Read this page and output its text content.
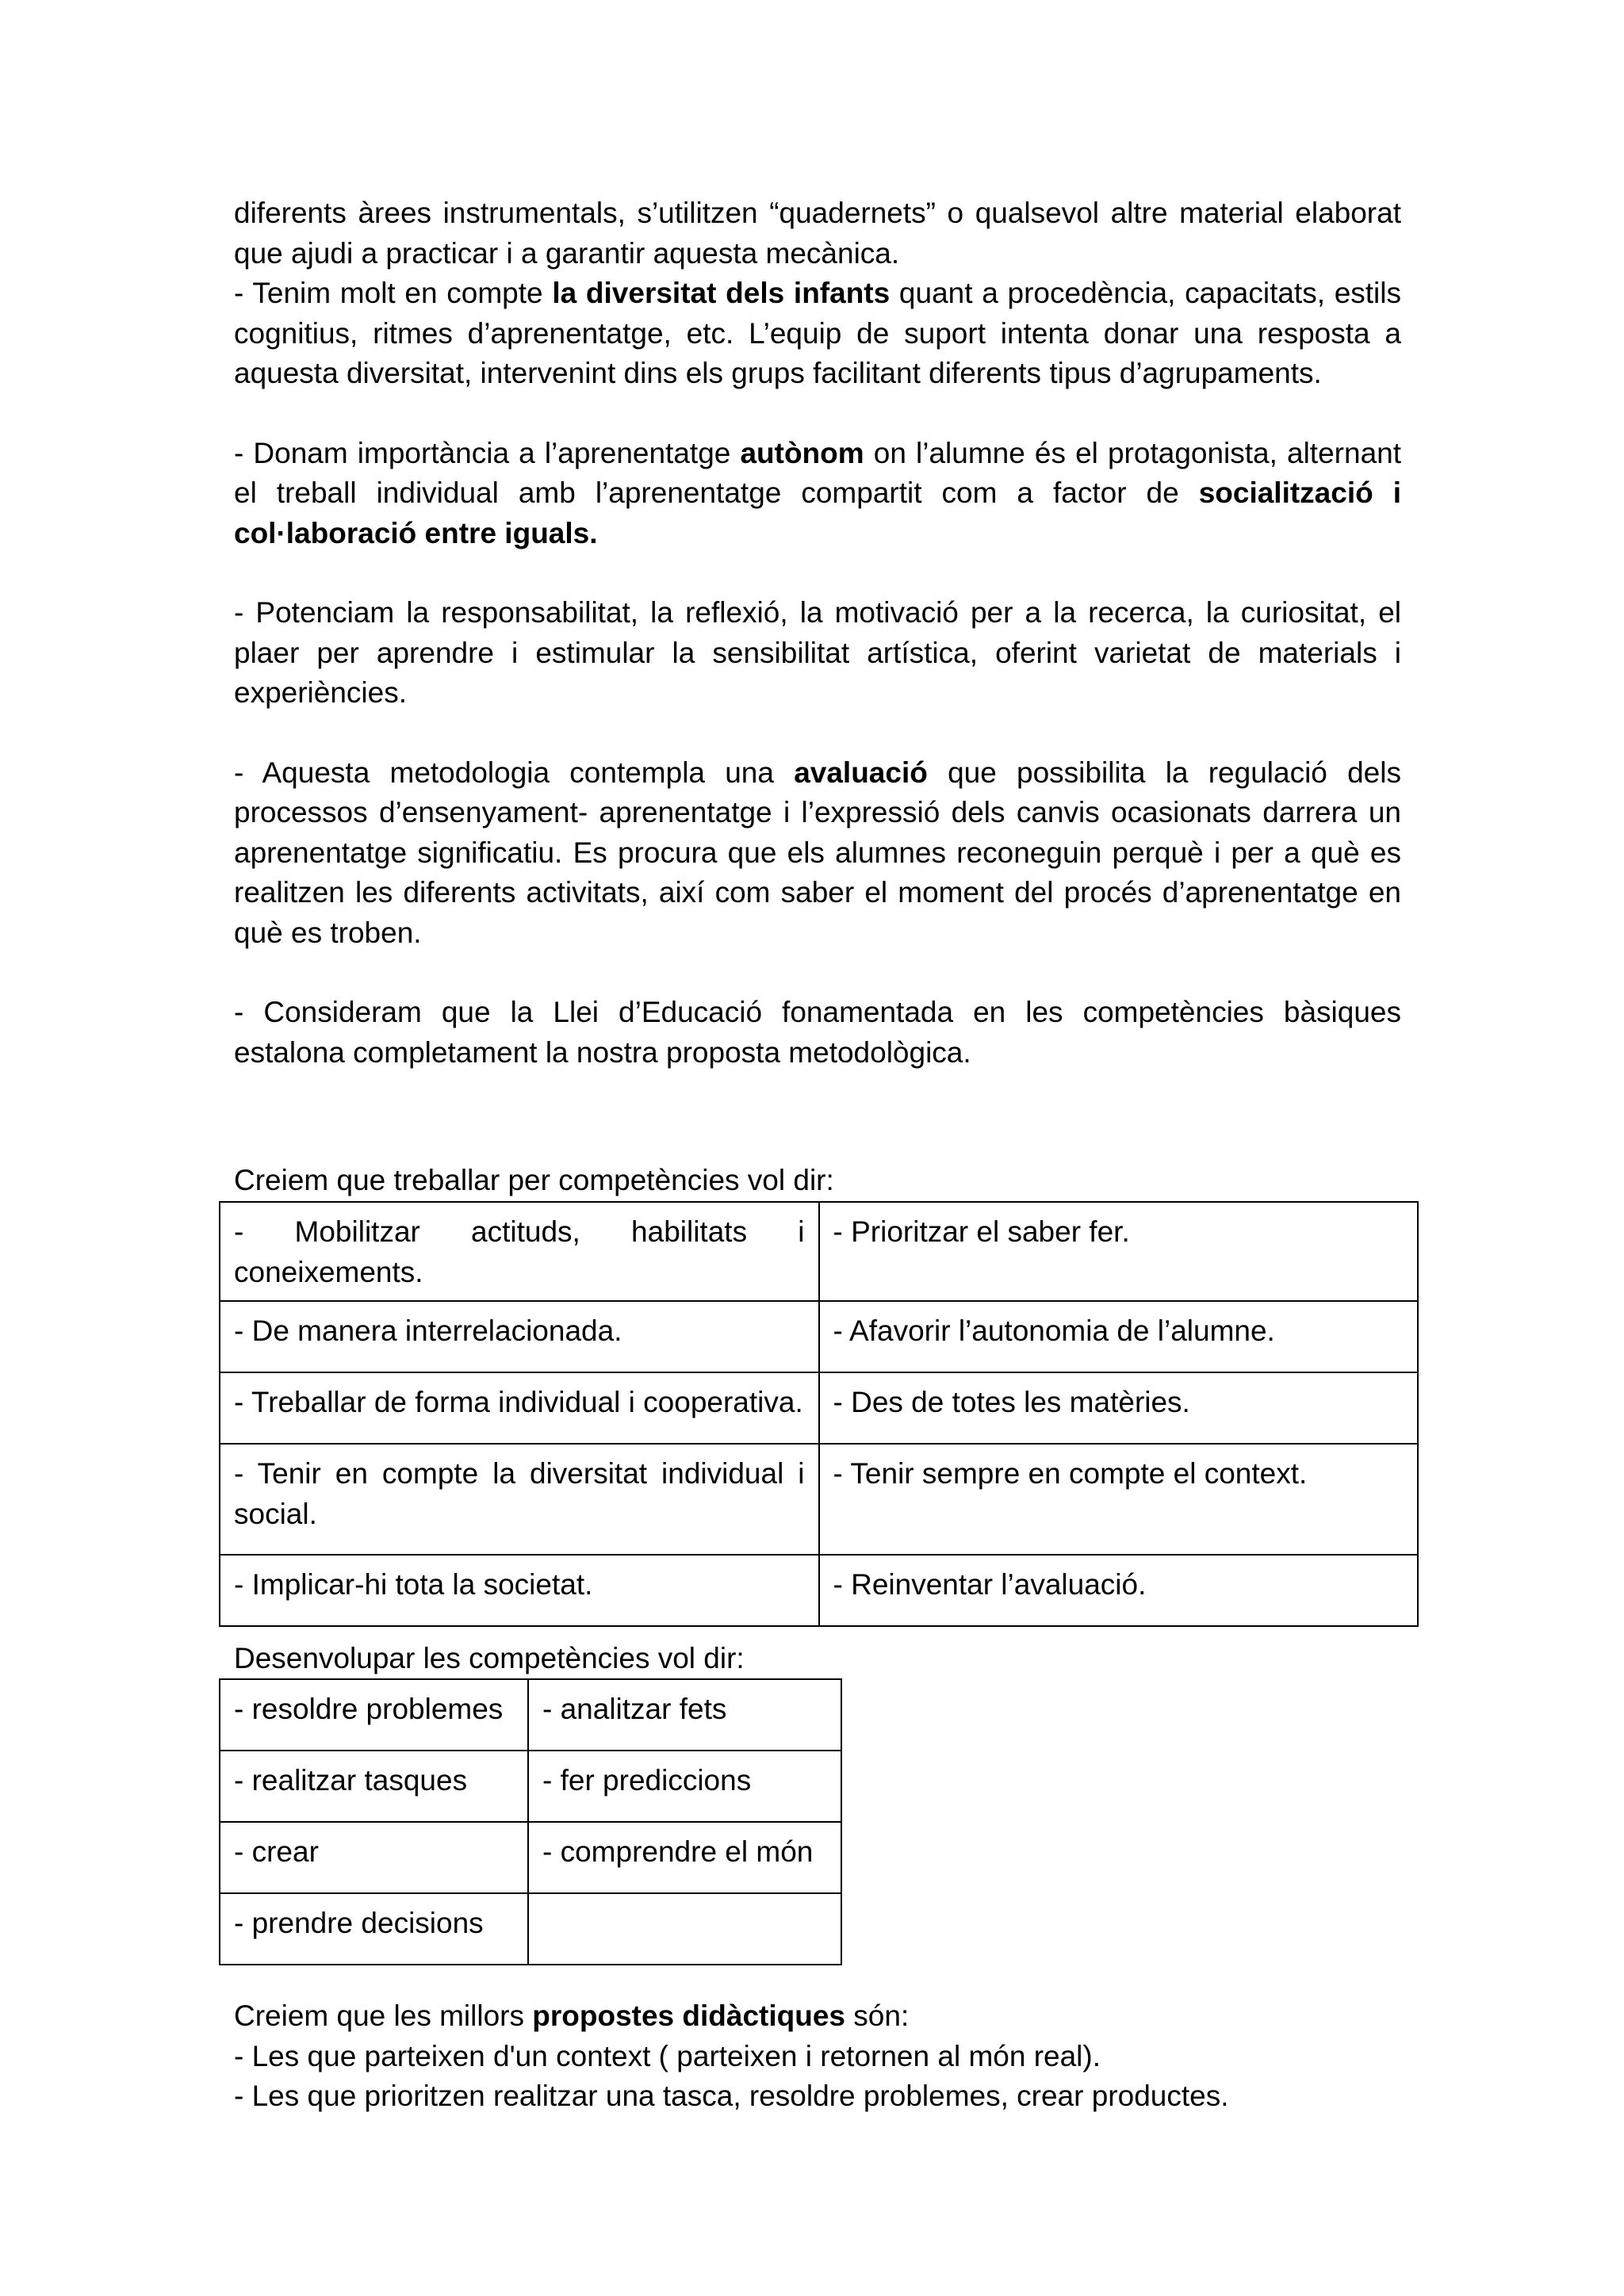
diferents àrees instrumentals, s’utilitzen “quadernets” o qualsevol altre material elaborat que ajudi a practicar i a garantir aquesta mecànica.

- Tenim molt en compte la diversitat dels infants quant a procedència, capacitats, estils cognitius, ritmes d’aprenentatge, etc. L’equip de suport intenta donar una resposta a aquesta diversitat, intervenint dins els grups facilitant diferents tipus d’agrupaments.

- Donam importància a l’aprenentatge autònom on l’alumne és el protagonista, alternant el treball individual amb l’aprenentatge compartit com a factor de socialització i col·laboració entre iguals.

- Potenciam la responsabilitat, la reflexió, la motivació per a la recerca, la curiositat, el plaer per aprendre i estimular la sensibilitat artística, oferint varietat de materials i experiències.

- Aquesta metodologia contempla una avaluació que possibilita la regulació dels processos d’ensenyament- aprenentatge i l’expressió dels canvis ocasionats darrera un aprenentatge significatiu. Es procura que els alumnes reconeguin perquè i per a què es realitzen les diferents activitats, així com saber el moment del procés d’aprenentatge en què es troben.

- Consideram que la Llei d’Educació fonamentada en les competències bàsiques estalona completament la nostra proposta metodològica.

Creiem que treballar per competències vol dir:
- Mobilitzar actituds, habilitats i coneixements.	- Prioritzar el saber fer.
- De manera interrelacionada.	- Afavorir l’autonomia de l’alumne.
- Treballar de forma individual i cooperativa.	- Des de totes les matèries.
- Tenir en compte la diversitat individual i social.	- Tenir sempre en compte el context.
- Implicar-hi tota la societat.	- Reinventar l’avaluació.
Desenvolupar les competències vol dir:
- resoldre problemes	- analitzar fets
- realitzar tasques	- fer prediccions
- crear	- comprendre el món
- prendre decisions	
Creiem que les millors propostes didàctiques són:
- Les que parteixen d'un context ( parteixen i retornen al món real).
- Les que prioritzen realitzar una tasca, resoldre problemes, crear productes.
